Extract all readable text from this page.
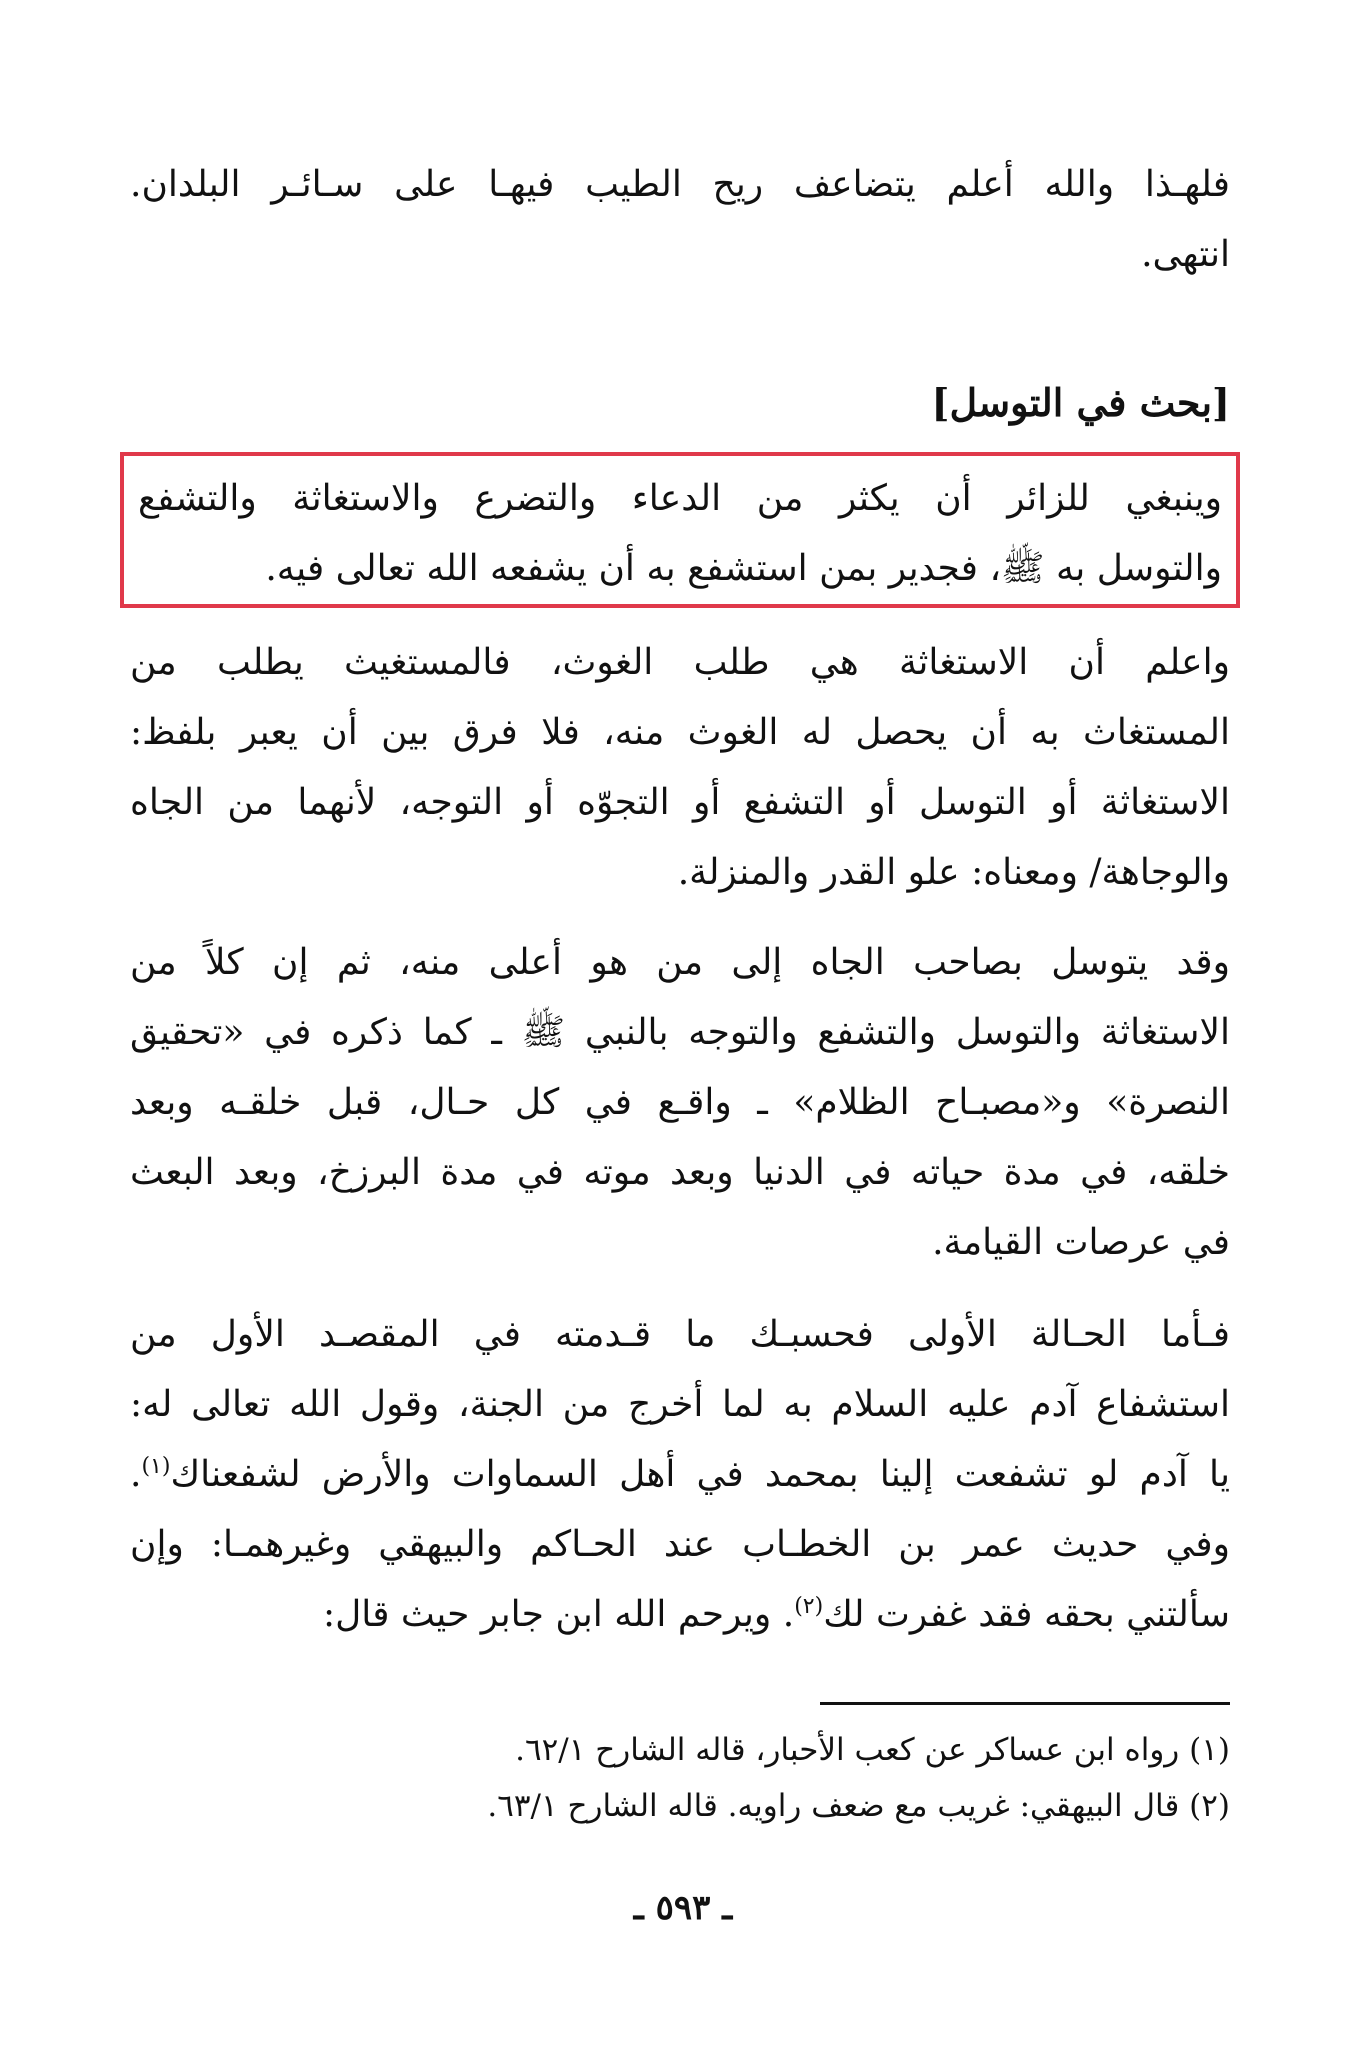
فلهـذا والله أعلم يتضاعف ريح الطيب فيهـا على سـائـر البلدان.
انتهى.
[بحث في التوسل]
وينبغي للزائر أن يكثر من الدعاء والتضرع والاستغاثة والتشفع
والتوسل به ﷺ، فجدير بمن استشفع به أن يشفعه الله تعالى فيه.
واعلم أن الاستغاثة هي طلب الغوث، فالمستغيث يطلب من
المستغاث به أن يحصل له الغوث منه، فلا فرق بين أن يعبر بلفظ:
الاستغاثة أو التوسل أو التشفع أو التجوّه أو التوجه، لأنهما من الجاه
والوجاهة/ ومعناه: علو القدر والمنزلة.
وقد يتوسل بصاحب الجاه إلى من هو أعلى منه، ثم إن كلاً من
الاستغاثة والتوسل والتشفع والتوجه بالنبي ﷺ ـ كما ذكره في «تحقيق
النصرة» و«مصبـاح الظلام» ـ واقـع في كل حـال، قبل خلقـه وبعد
خلقه، في مدة حياته في الدنيا وبعد موته في مدة البرزخ، وبعد البعث
في عرصات القيامة.
فـأما الحـالة الأولى فحسبـك ما قـدمته في المقصـد الأول من
استشفاع آدم عليه السلام به لما أخرج من الجنة، وقول الله تعالى له:
يا آدم لو تشفعت إلينا بمحمد في أهل السماوات والأرض لشفعناك$^{(١)}$.
وفي حديث عمر بن الخطـاب عند الحـاكم والبيهقي وغيرهمـا: وإن
سألتني بحقه فقد غفرت لك$^{(٢)}$. ويرحم الله ابن جابر حيث قال:
(١) رواه ابن عساكر عن كعب الأحبار، قاله الشارح ٦٢/١.
(٢) قال البيهقي: غريب مع ضعف راويه. قاله الشارح ٦٣/١.
ـ ٥٩٣ ـ
